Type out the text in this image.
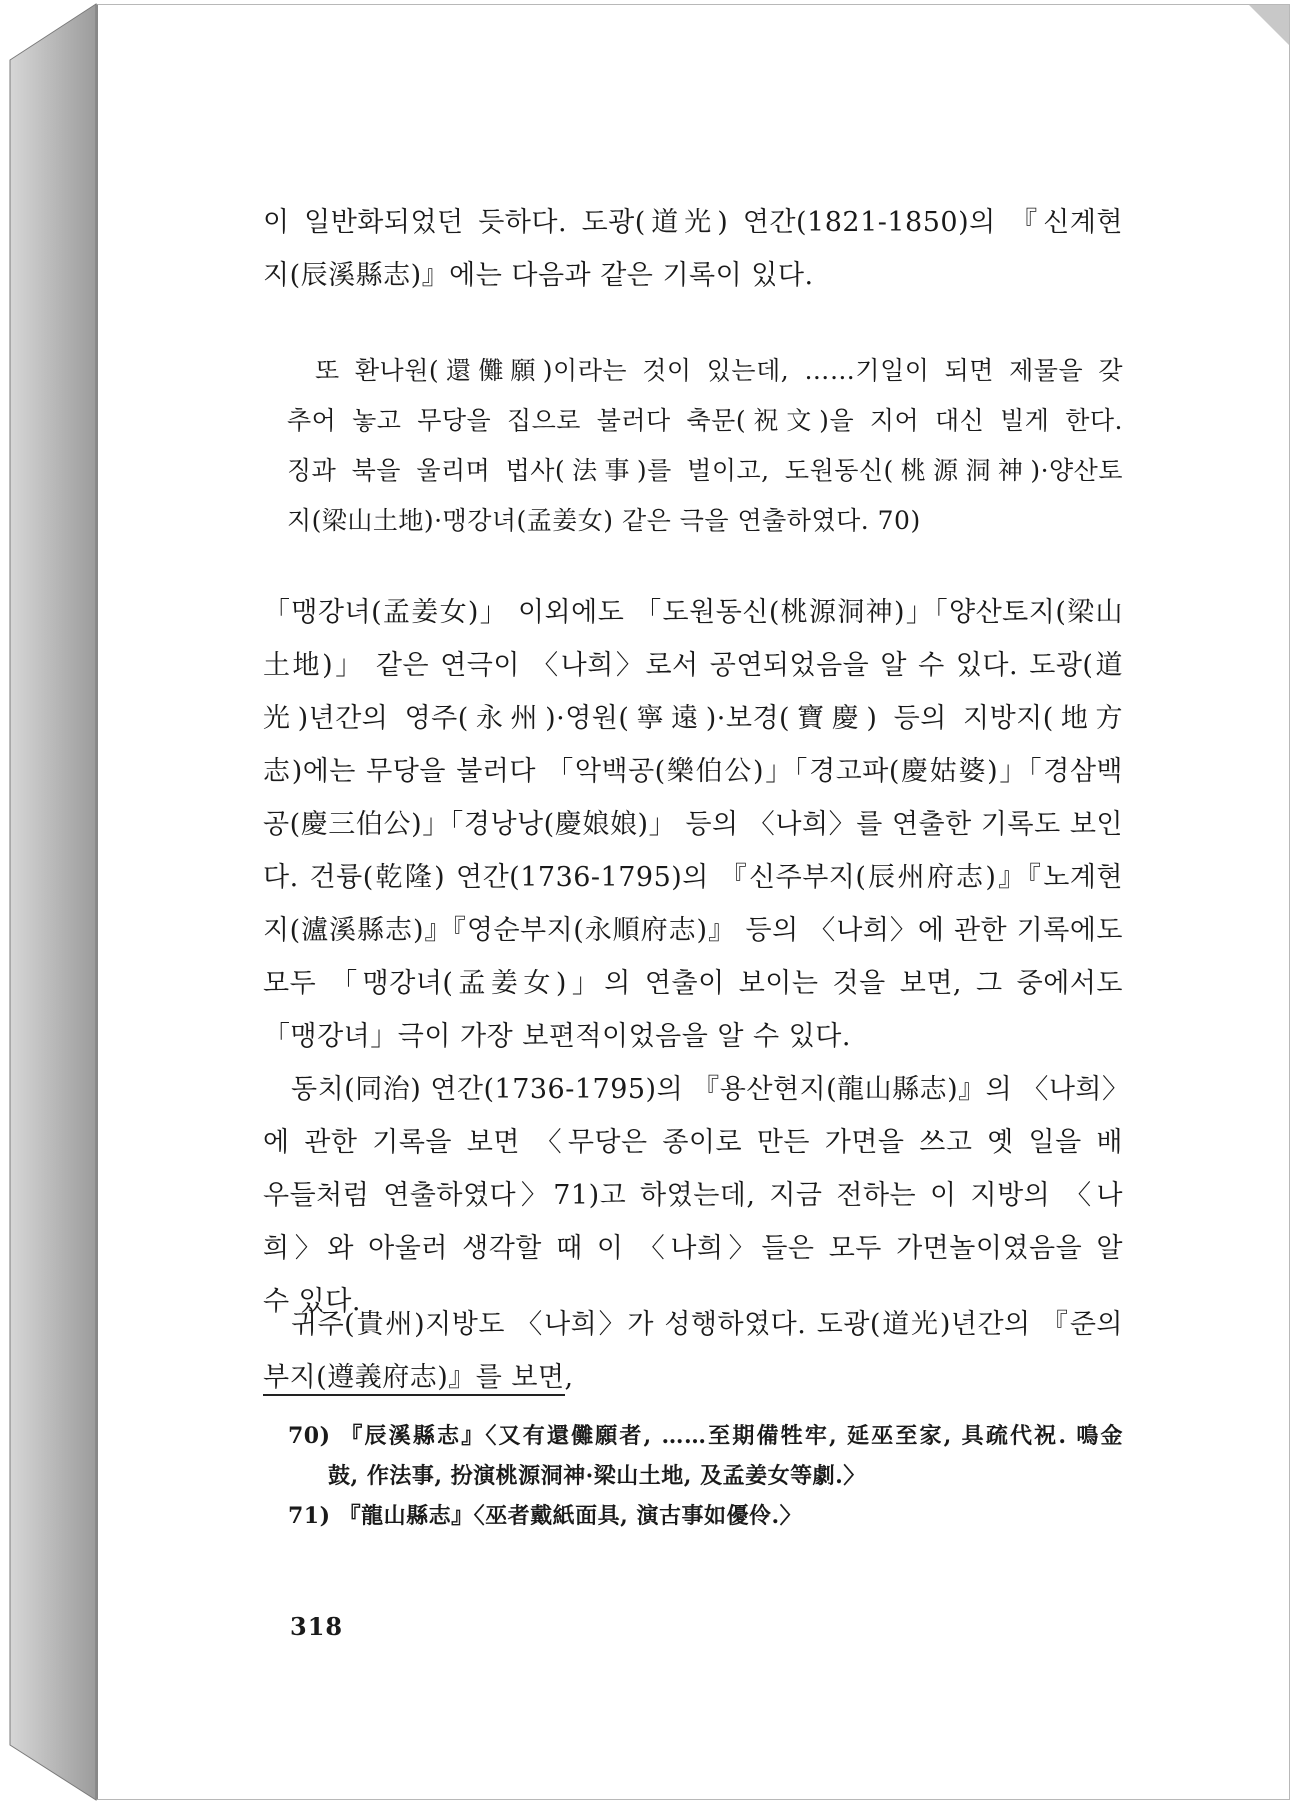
이 일반화되었던 듯하다. 도광(道光) 연간(1821-1850)의 『신계현
지(辰溪縣志)』에는 다음과 같은 기록이 있다.
또 환나원(還儺願)이라는 것이 있는데, ……기일이 되면 제물을 갖
추어 놓고 무당을 집으로 불러다 축문(祝文)을 지어 대신 빌게 한다.
징과 북을 울리며 법사(法事)를 벌이고, 도원동신(桃源洞神)·양산토
지(梁山土地)·맹강녀(孟姜女) 같은 극을 연출하였다. 70)
「맹강녀(孟姜女)」 이외에도 「도원동신(桃源洞神)」「양산토지(梁山
土地)」 같은 연극이 〈나희〉로서 공연되었음을 알 수 있다. 도광(道
光)년간의 영주(永州)·영원(寧遠)·보경(寶慶) 등의 지방지(地方
志)에는 무당을 불러다 「악백공(樂伯公)」「경고파(慶姑婆)」「경삼백
공(慶三伯公)」「경낭낭(慶娘娘)」 등의 〈나희〉를 연출한 기록도 보인
다. 건륭(乾隆) 연간(1736-1795)의 『신주부지(辰州府志)』『노계현
지(瀘溪縣志)』『영순부지(永順府志)』 등의 〈나희〉에 관한 기록에도
모두 「맹강녀(孟姜女)」의 연출이 보이는 것을 보면, 그 중에서도
「맹강녀」극이 가장 보편적이었음을 알 수 있다.
동치(同治) 연간(1736-1795)의 『용산현지(龍山縣志)』의 〈나희〉
에 관한 기록을 보면 〈무당은 종이로 만든 가면을 쓰고 옛 일을 배
우들처럼 연출하였다〉71)고 하였는데, 지금 전하는 이 지방의 〈나
희〉와 아울러 생각할 때 이 〈나희〉들은 모두 가면놀이였음을 알
수 있다.
귀주(貴州)지방도 〈나희〉가 성행하였다. 도광(道光)년간의 『준의
부지(遵義府志)』를 보면,
70) 『辰溪縣志』〈又有還儺願者, ……至期備牲牢, 延巫至家, 具疏代祝. 鳴金
鼓, 作法事, 扮演桃源洞神·梁山土地, 及孟姜女等劇.〉
71) 『龍山縣志』〈巫者戴紙面具, 演古事如優伶.〉
318
